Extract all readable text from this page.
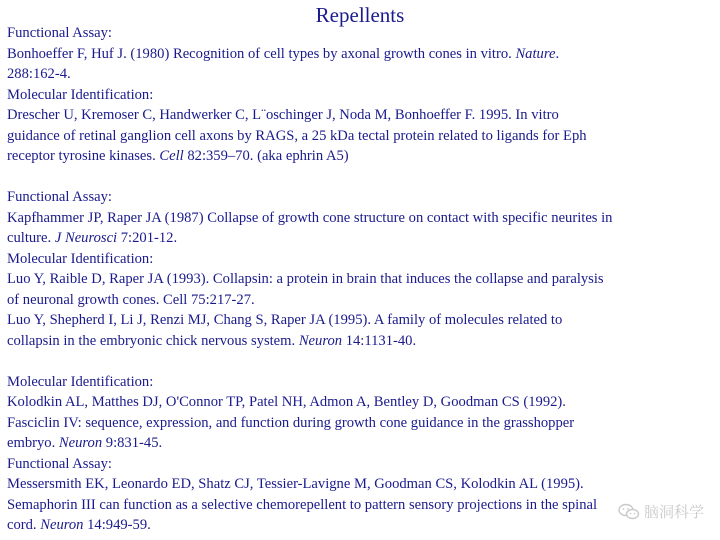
Repellents
Functional Assay:
Bonhoeffer F, Huf J. (1980) Recognition of cell types by axonal growth cones in vitro. Nature.
288:162-4.
Molecular Identification:
Drescher U, Kremoser C, Handwerker C, L¨oschinger J, Noda M, Bonhoeffer F. 1995. In vitro
guidance of retinal ganglion cell axons by RAGS, a 25 kDa tectal protein related to ligands for Eph
receptor tyrosine kinases. Cell 82:359–70. (aka ephrin A5)
Functional Assay:
Kapfhammer JP, Raper JA (1987) Collapse of growth cone structure on contact with specific neurites in
culture. J Neurosci 7:201-12.
Molecular Identification:
Luo Y, Raible D, Raper JA (1993). Collapsin: a protein in brain that induces the collapse and paralysis
of neuronal growth cones. Cell 75:217-27.
Luo Y, Shepherd I, Li J, Renzi MJ, Chang S, Raper JA (1995). A family of molecules related to
collapsin in the embryonic chick nervous system. Neuron 14:1131-40.
Molecular Identification:
Kolodkin AL, Matthes DJ, O'Connor TP, Patel NH, Admon A, Bentley D, Goodman CS (1992).
Fasciclin IV: sequence, expression, and function during growth cone guidance in the grasshopper
embryo. Neuron 9:831-45.
Functional Assay:
Messersmith EK, Leonardo ED, Shatz CJ, Tessier-Lavigne M, Goodman CS, Kolodkin AL (1995).
Semaphorin III can function as a selective chemorepellent to pattern sensory projections in the spinal
cord. Neuron 14:949-59.
脑洞科学
